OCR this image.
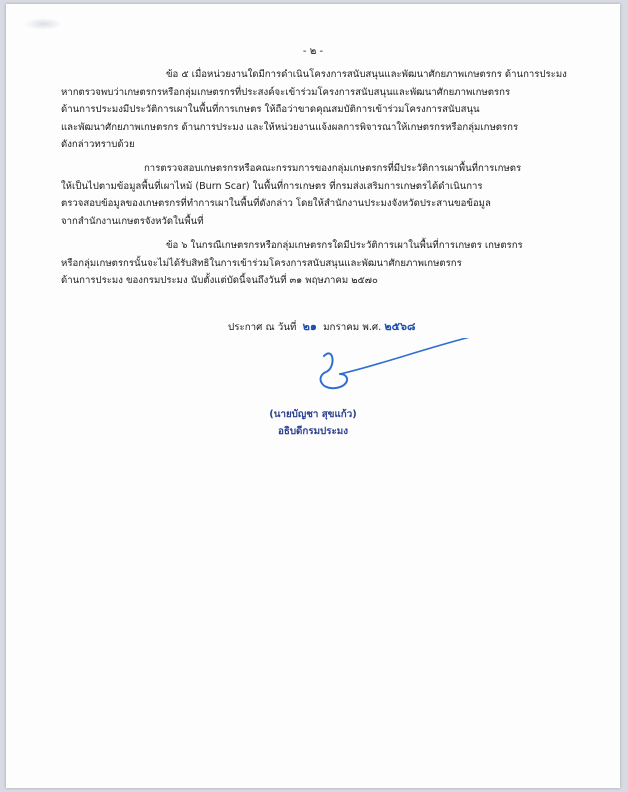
- ๒ -
ข้อ ๕ เมื่อหน่วยงานใดมีการดำเนินโครงการสนับสนุนและพัฒนาศักยภาพเกษตรกร ด้านการประมง
หากตรวจพบว่าเกษตรกรหรือกลุ่มเกษตรกรที่ประสงค์จะเข้าร่วมโครงการสนับสนุนและพัฒนาศักยภาพเกษตรกร
ด้านการประมงมีประวัติการเผาในพื้นที่การเกษตร ให้ถือว่าขาดคุณสมบัติการเข้าร่วมโครงการสนับสนุน
และพัฒนาศักยภาพเกษตรกร ด้านการประมง และให้หน่วยงานแจ้งผลการพิจารณาให้เกษตรกรหรือกลุ่มเกษตรกร
ดังกล่าวทราบด้วย
การตรวจสอบเกษตรกรหรือคณะกรรมการของกลุ่มเกษตรกรที่มีประวัติการเผาพื้นที่การเกษตร
ให้เป็นไปตามข้อมูลพื้นที่เผาไหม้ (Burn Scar) ในพื้นที่การเกษตร ที่กรมส่งเสริมการเกษตรได้ดำเนินการ
ตรวจสอบข้อมูลของเกษตรกรที่ทำการเผาในพื้นที่ดังกล่าว โดยให้สำนักงานประมงจังหวัดประสานขอข้อมูล
จากสำนักงานเกษตรจังหวัดในพื้นที่
ข้อ ๖ ในกรณีเกษตรกรหรือกลุ่มเกษตรกรใดมีประวัติการเผาในพื้นที่การเกษตร เกษตรกร
หรือกลุ่มเกษตรกรนั้นจะไม่ได้รับสิทธิในการเข้าร่วมโครงการสนับสนุนและพัฒนาศักยภาพเกษตรกร
ด้านการประมง ของกรมประมง นับตั้งแต่บัดนี้จนถึงวันที่ ๓๑ พฤษภาคม ๒๕๗๐
ประกาศ ณ วันที่ ๒๑ มกราคม พ.ศ. ๒๕๖๘
(นายบัญชา สุขแก้ว)
อธิบดีกรมประมง
